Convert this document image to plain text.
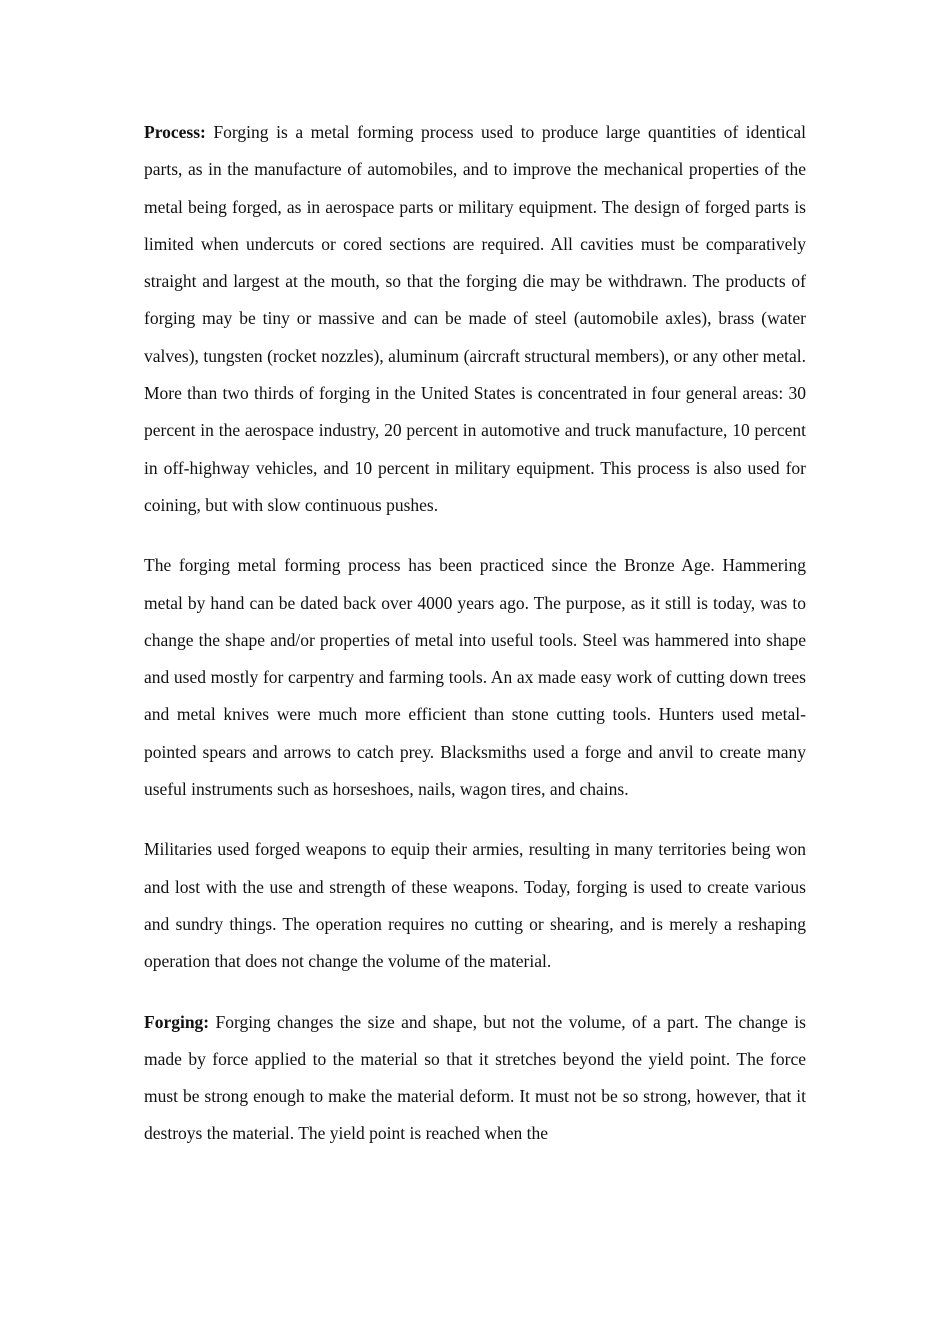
Process: Forging is a metal forming process used to produce large quantities of identical parts, as in the manufacture of automobiles, and to improve the mechanical properties of the metal being forged, as in aerospace parts or military equipment. The design of forged parts is limited when undercuts or cored sections are required. All cavities must be comparatively straight and largest at the mouth, so that the forging die may be withdrawn. The products of forging may be tiny or massive and can be made of steel (automobile axles), brass (water valves), tungsten (rocket nozzles), aluminum (aircraft structural members), or any other metal. More than two thirds of forging in the United States is concentrated in four general areas: 30 percent in the aerospace industry, 20 percent in automotive and truck manufacture, 10 percent in off-highway vehicles, and 10 percent in military equipment. This process is also used for coining, but with slow continuous pushes.

The forging metal forming process has been practiced since the Bronze Age. Hammering metal by hand can be dated back over 4000 years ago. The purpose, as it still is today, was to change the shape and/or properties of metal into useful tools. Steel was hammered into shape and used mostly for carpentry and farming tools. An ax made easy work of cutting down trees and metal knives were much more efficient than stone cutting tools. Hunters used metal-pointed spears and arrows to catch prey. Blacksmiths used a forge and anvil to create many useful instruments such as horseshoes, nails, wagon tires, and chains.

Militaries used forged weapons to equip their armies, resulting in many territories being won and lost with the use and strength of these weapons. Today, forging is used to create various and sundry things. The operation requires no cutting or shearing, and is merely a reshaping operation that does not change the volume of the material.

Forging: Forging changes the size and shape, but not the volume, of a part. The change is made by force applied to the material so that it stretches beyond the yield point. The force must be strong enough to make the material deform. It must not be so strong, however, that it destroys the material. The yield point is reached when the
